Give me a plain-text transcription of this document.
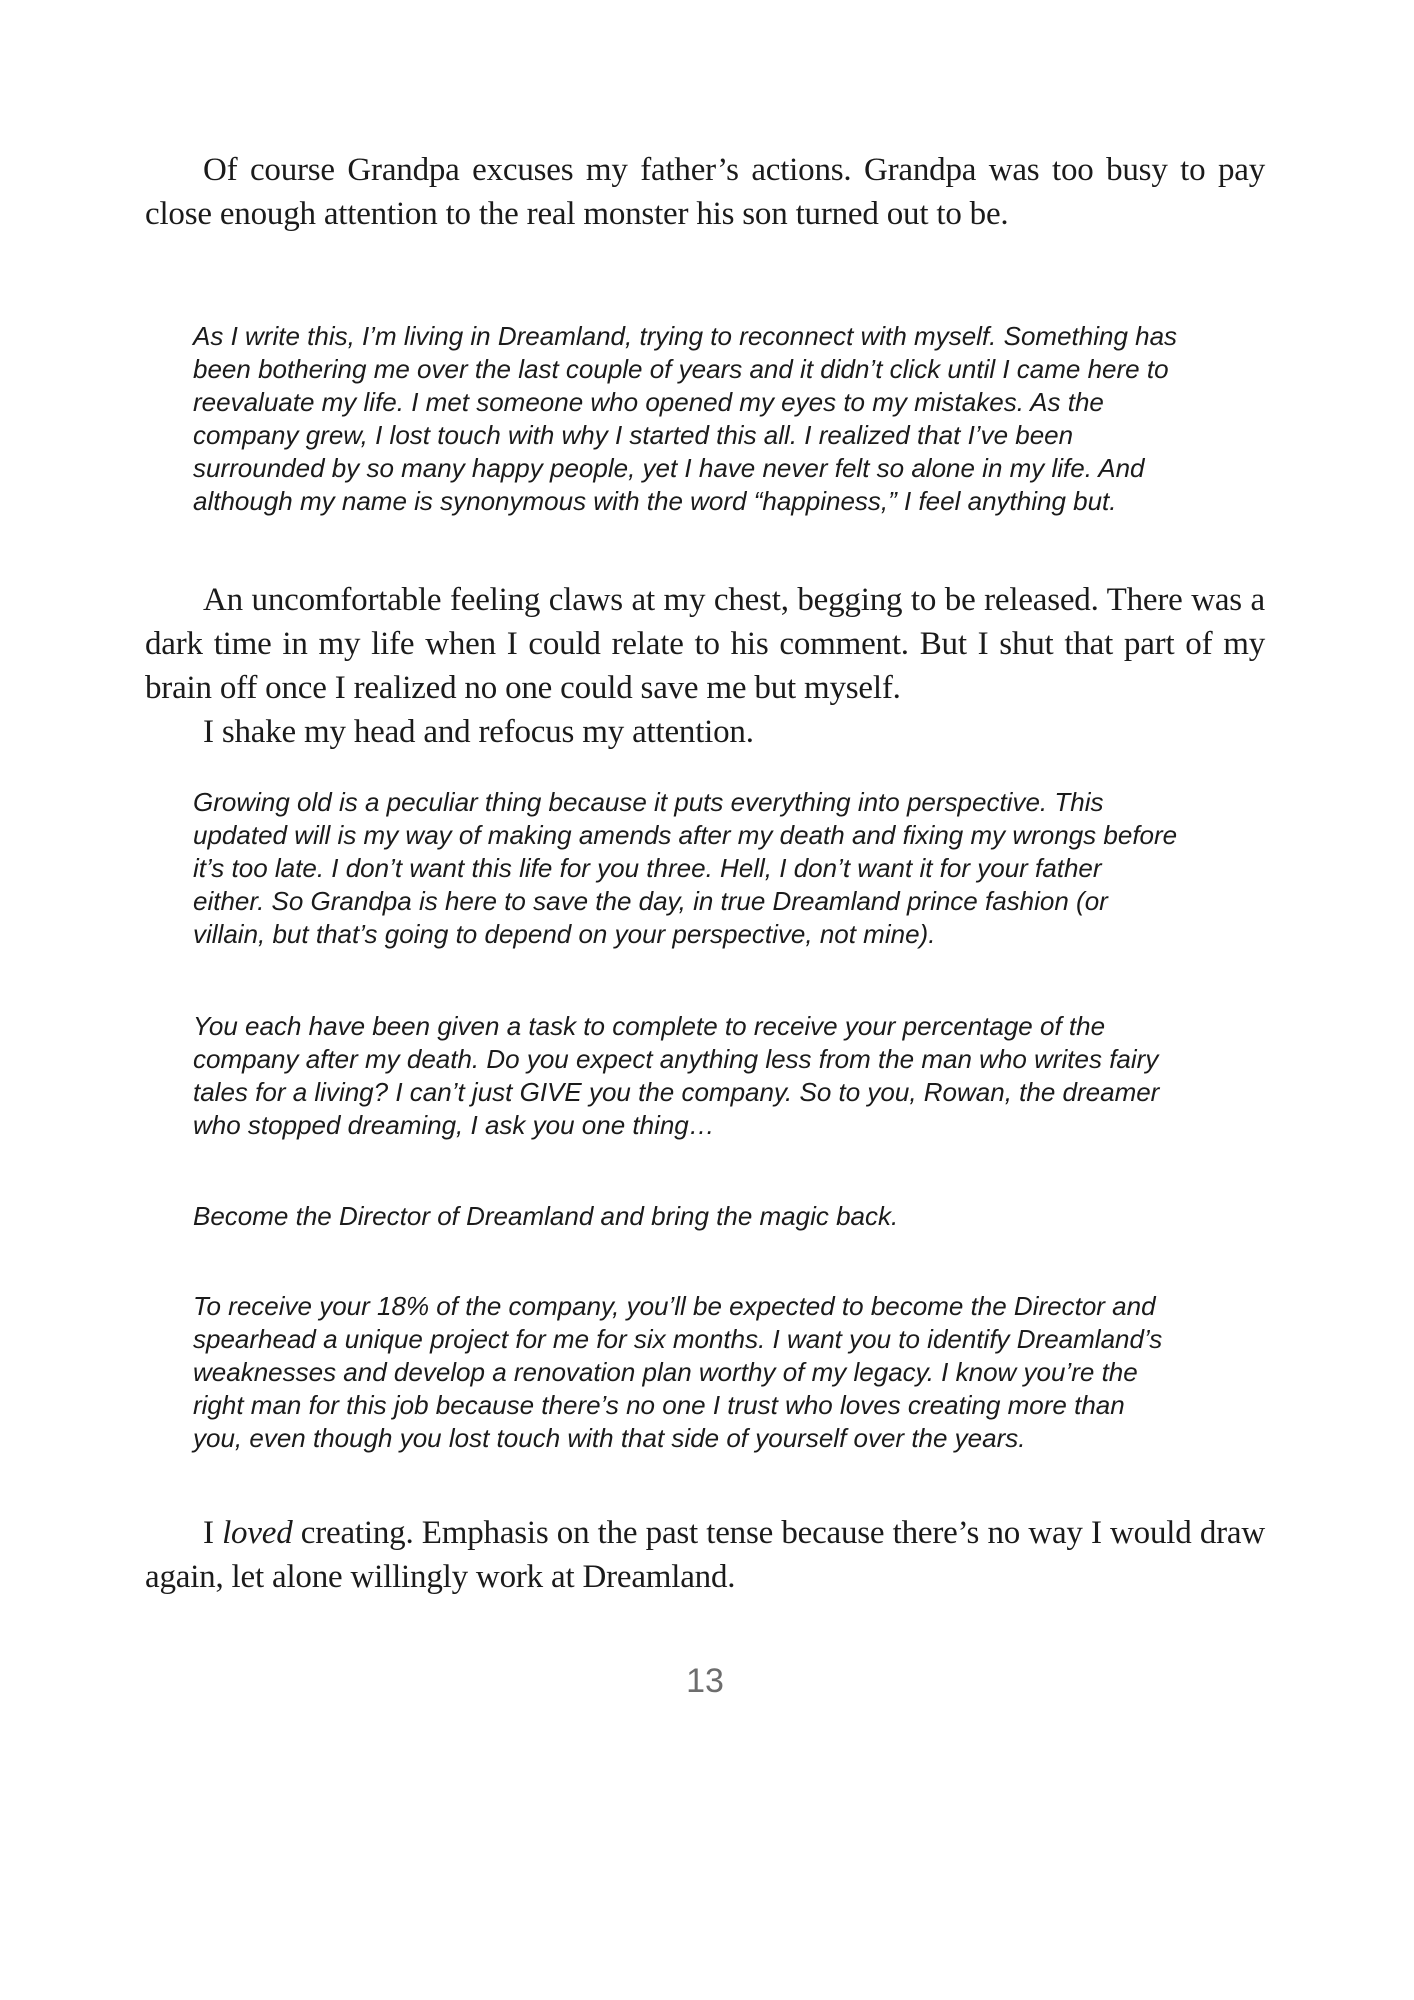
Of course Grandpa excuses my father’s actions. Grandpa was too busy to pay close enough attention to the real monster his son turned out to be.

As I write this, I’m living in Dreamland, trying to reconnect with myself. Something has been bothering me over the last couple of years and it didn’t click until I came here to reevaluate my life. I met someone who opened my eyes to my mistakes. As the company grew, I lost touch with why I started this all. I realized that I’ve been surrounded by so many happy people, yet I have never felt so alone in my life. And although my name is synonymous with the word “happiness,” I feel anything but.

An uncomfortable feeling claws at my chest, begging to be released. There was a dark time in my life when I could relate to his comment. But I shut that part of my brain off once I realized no one could save me but myself.

I shake my head and refocus my attention.

Growing old is a peculiar thing because it puts everything into perspective. This updated will is my way of making amends after my death and fixing my wrongs before it’s too late. I don’t want this life for you three. Hell, I don’t want it for your father either. So Grandpa is here to save the day, in true Dreamland prince fashion (or villain, but that’s going to depend on your perspective, not mine).

You each have been given a task to complete to receive your percentage of the company after my death. Do you expect anything less from the man who writes fairy tales for a living? I can’t just GIVE you the company. So to you, Rowan, the dreamer who stopped dreaming, I ask you one thing…

Become the Director of Dreamland and bring the magic back.

To receive your 18% of the company, you’ll be expected to become the Director and spearhead a unique project for me for six months. I want you to identify Dreamland’s weaknesses and develop a renovation plan worthy of my legacy. I know you’re the right man for this job because there’s no one I trust who loves creating more than you, even though you lost touch with that side of yourself over the years.

I loved creating. Emphasis on the past tense because there’s no way I would draw again, let alone willingly work at Dreamland.

13
